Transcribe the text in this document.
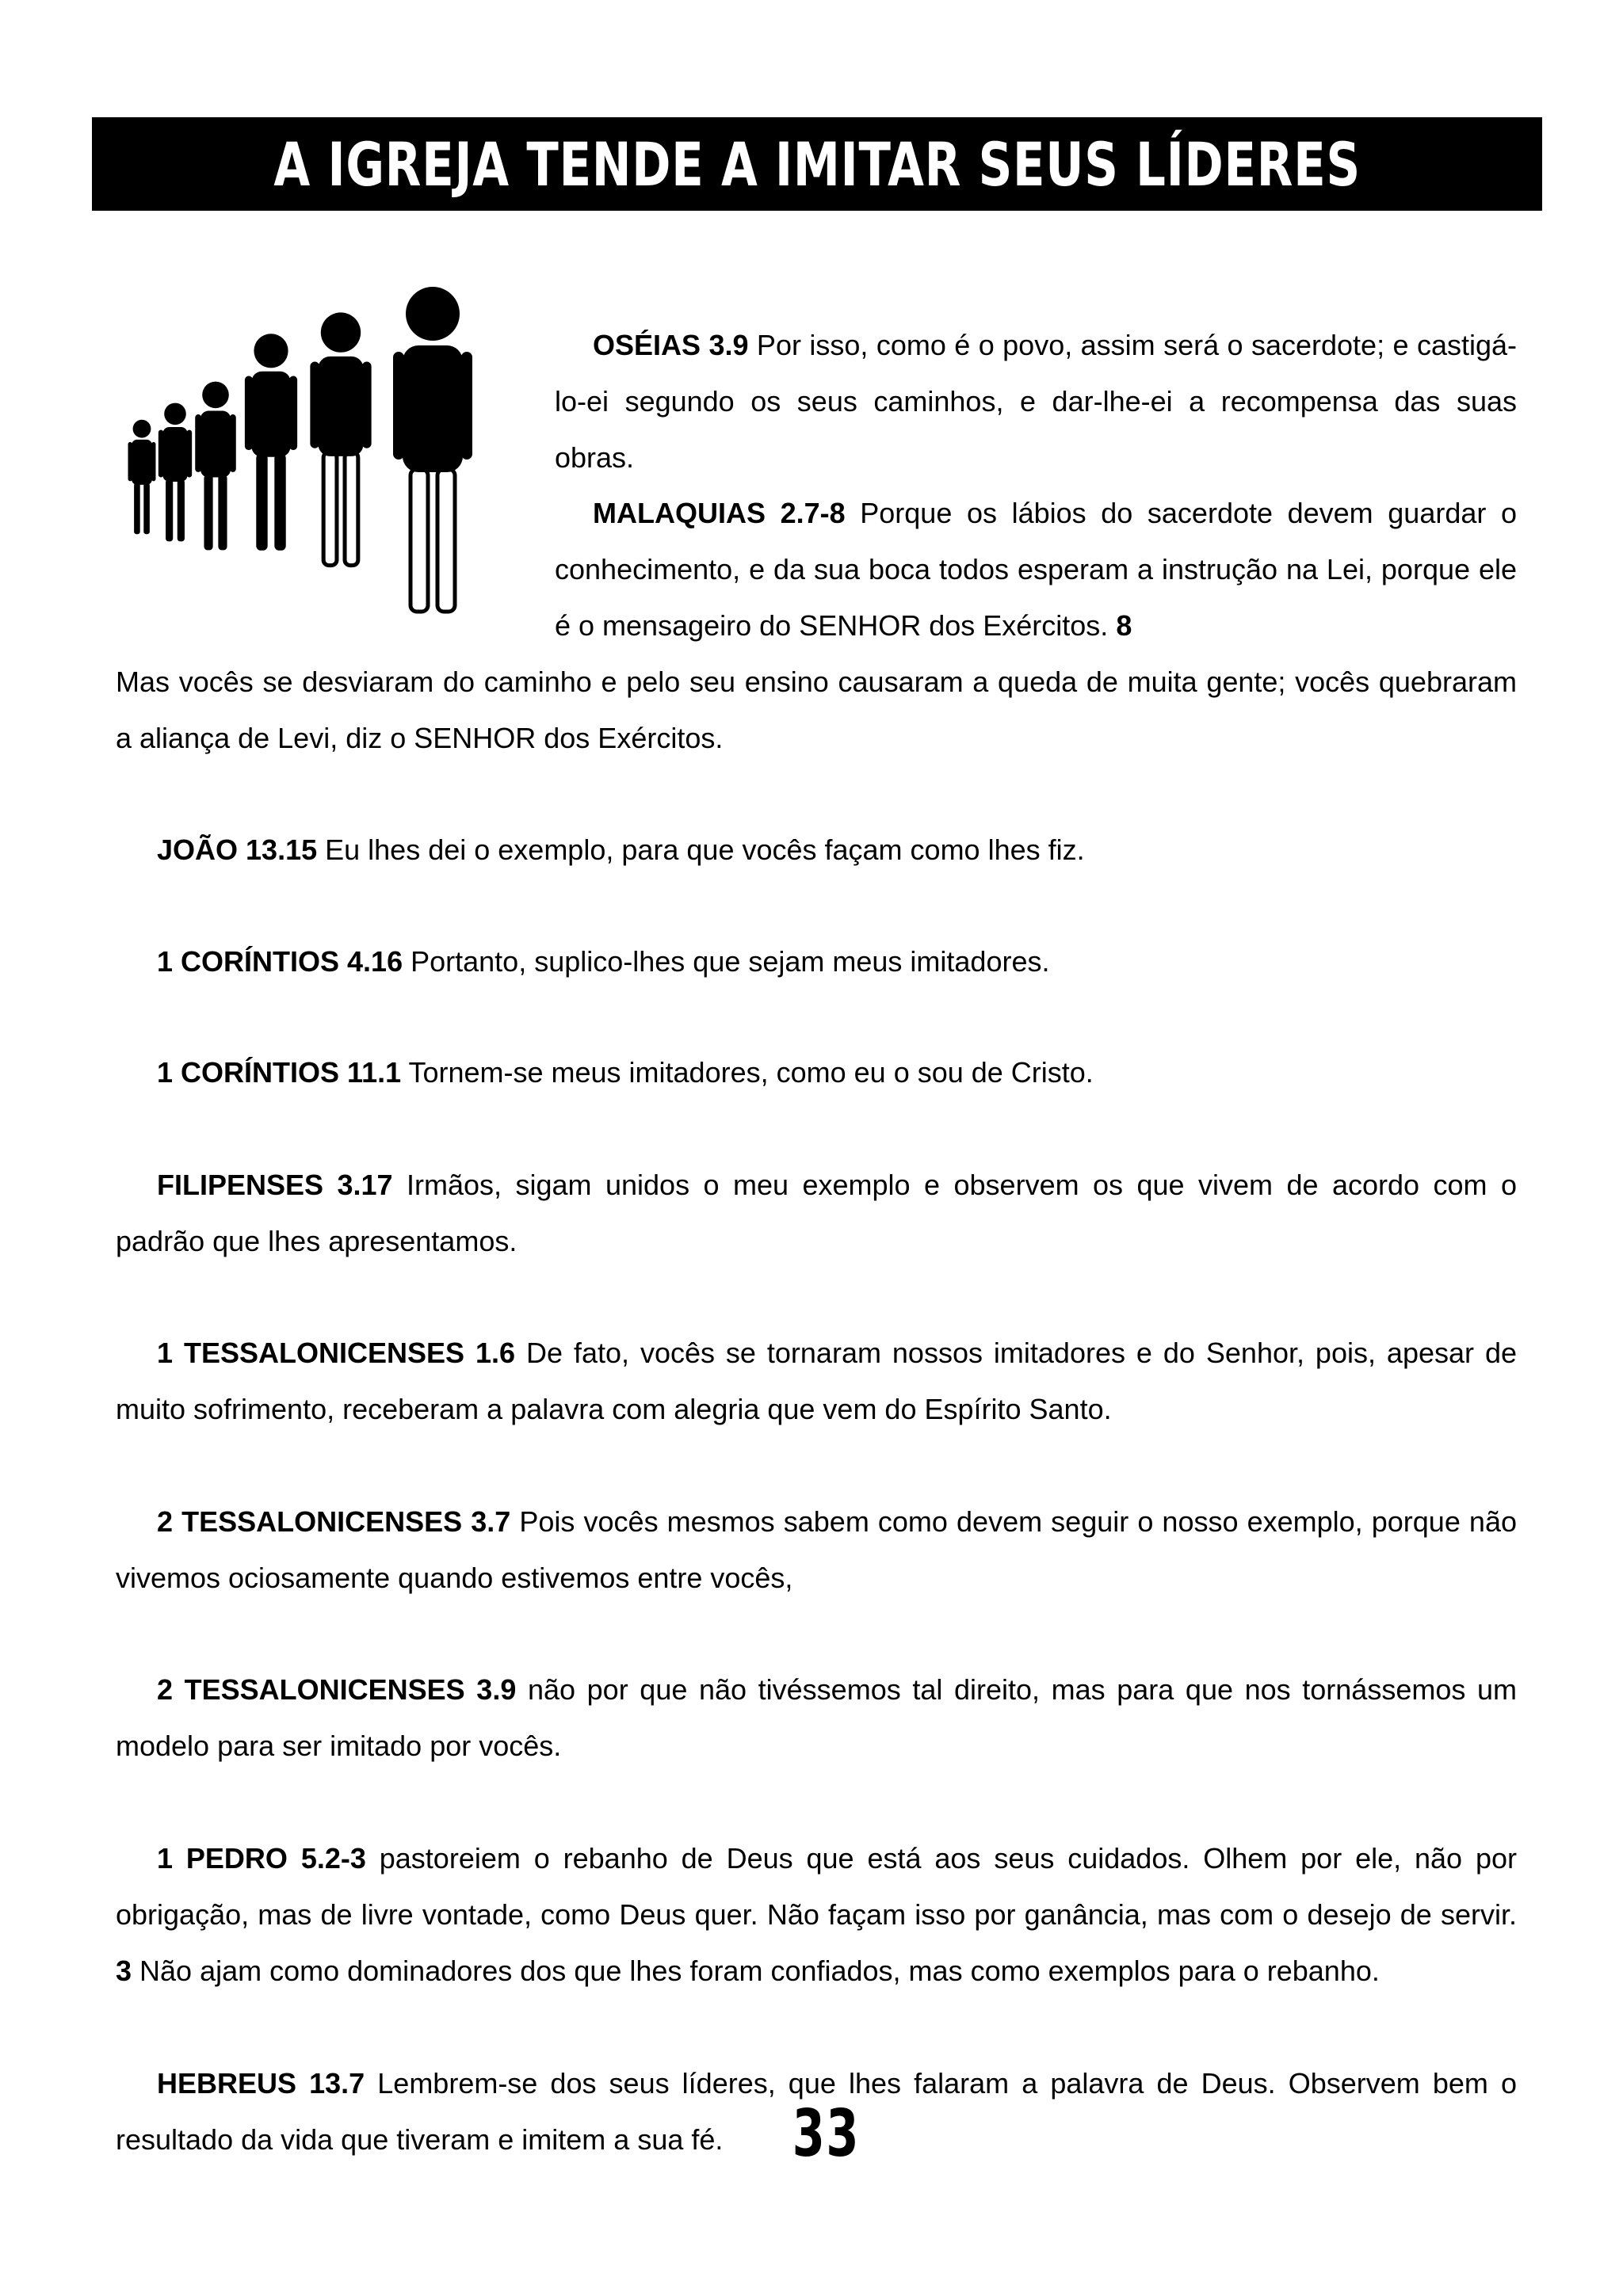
A IGREJA TENDE A IMITAR SEUS LÍDERES

OSÉIAS 3.9 Por isso, como é o povo, assim será o sacerdote; e castigá-lo-ei segundo os seus caminhos, e dar-lhe-ei a recompensa das suas obras.

MALAQUIAS 2.7-8 Porque os lábios do sacerdote devem guardar o conhecimento, e da sua boca todos esperam a instrução na Lei, porque ele é o mensageiro do SENHOR dos Exércitos. 8

Mas vocês se desviaram do caminho e pelo seu ensino causaram a queda de muita gente; vocês quebraram a aliança de Levi, diz o SENHOR dos Exércitos.

JOÃO 13.15 Eu lhes dei o exemplo, para que vocês façam como lhes fiz.

1 CORÍNTIOS 4.16 Portanto, suplico-lhes que sejam meus imitadores.

1 CORÍNTIOS 11.1 Tornem-se meus imitadores, como eu o sou de Cristo.

FILIPENSES 3.17 Irmãos, sigam unidos o meu exemplo e observem os que vivem de acordo com o padrão que lhes apresentamos.

1 TESSALONICENSES 1.6 De fato, vocês se tornaram nossos imitadores e do Senhor, pois, apesar de muito sofrimento, receberam a palavra com alegria que vem do Espírito Santo.

2 TESSALONICENSES 3.7 Pois vocês mesmos sabem como devem seguir o nosso exemplo, porque não vivemos ociosamente quando estivemos entre vocês,

2 TESSALONICENSES 3.9 não por que não tivéssemos tal direito, mas para que nos tornássemos um modelo para ser imitado por vocês.

1 PEDRO 5.2-3 pastoreiem o rebanho de Deus que está aos seus cuidados. Olhem por ele, não por obrigação, mas de livre vontade, como Deus quer. Não façam isso por ganância, mas com o desejo de servir. 3 Não ajam como dominadores dos que lhes foram confiados, mas como exemplos para o rebanho.

HEBREUS 13.7 Lembrem-se dos seus líderes, que lhes falaram a palavra de Deus. Observem bem o resultado da vida que tiveram e imitem a sua fé.	33
